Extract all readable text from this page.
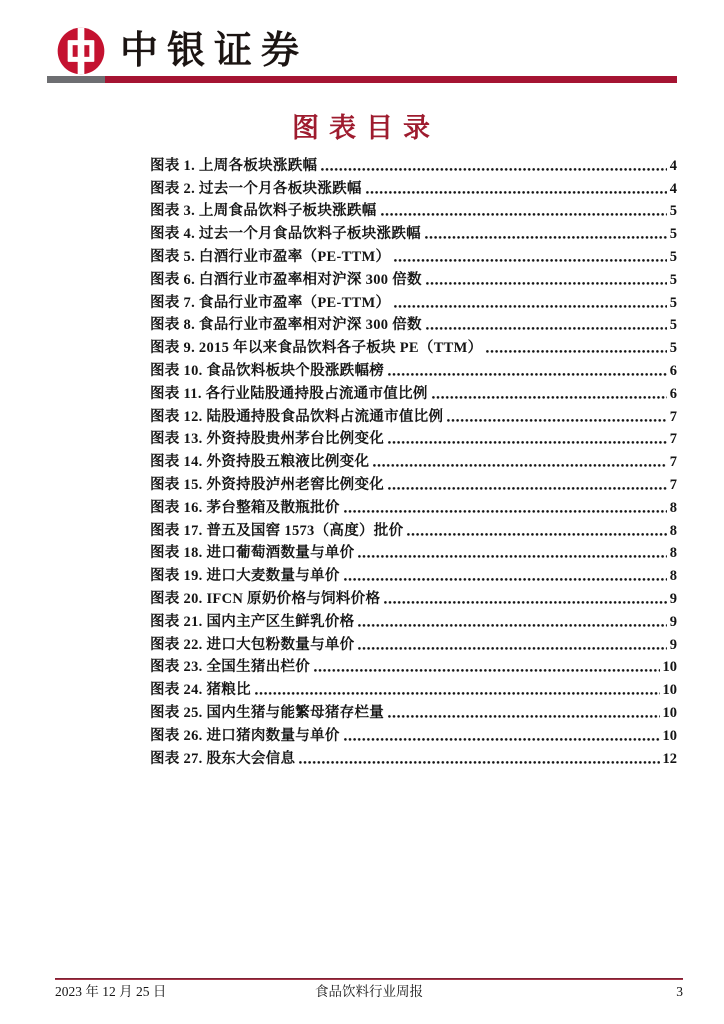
中银证券
图表目录
图表 1. 上周各板块涨跌幅	4
图表 2. 过去一个月各板块涨跌幅	4
图表 3. 上周食品饮料子板块涨跌幅	5
图表 4. 过去一个月食品饮料子板块涨跌幅	5
图表 5. 白酒行业市盈率（PE-TTM）	5
图表 6. 白酒行业市盈率相对沪深 300 倍数	5
图表 7. 食品行业市盈率（PE-TTM）	5
图表 8. 食品行业市盈率相对沪深 300 倍数	5
图表 9. 2015 年以来食品饮料各子板块 PE（TTM）	5
图表 10. 食品饮料板块个股涨跌幅榜	6
图表 11. 各行业陆股通持股占流通市值比例	6
图表 12. 陆股通持股食品饮料占流通市值比例	7
图表 13. 外资持股贵州茅台比例变化	7
图表 14. 外资持股五粮液比例变化	7
图表 15. 外资持股泸州老窖比例变化	7
图表 16. 茅台整箱及散瓶批价	8
图表 17. 普五及国窖 1573（高度）批价	8
图表 18. 进口葡萄酒数量与单价	8
图表 19. 进口大麦数量与单价	8
图表 20. IFCN 原奶价格与饲料价格	9
图表 21. 国内主产区生鲜乳价格	9
图表 22. 进口大包粉数量与单价	9
图表 23. 全国生猪出栏价	10
图表 24. 猪粮比	10
图表 25. 国内生猪与能繁母猪存栏量	10
图表 26. 进口猪肉数量与单价	10
图表 27. 股东大会信息	12
2023 年 12 月 25 日	食品饮料行业周报	3
